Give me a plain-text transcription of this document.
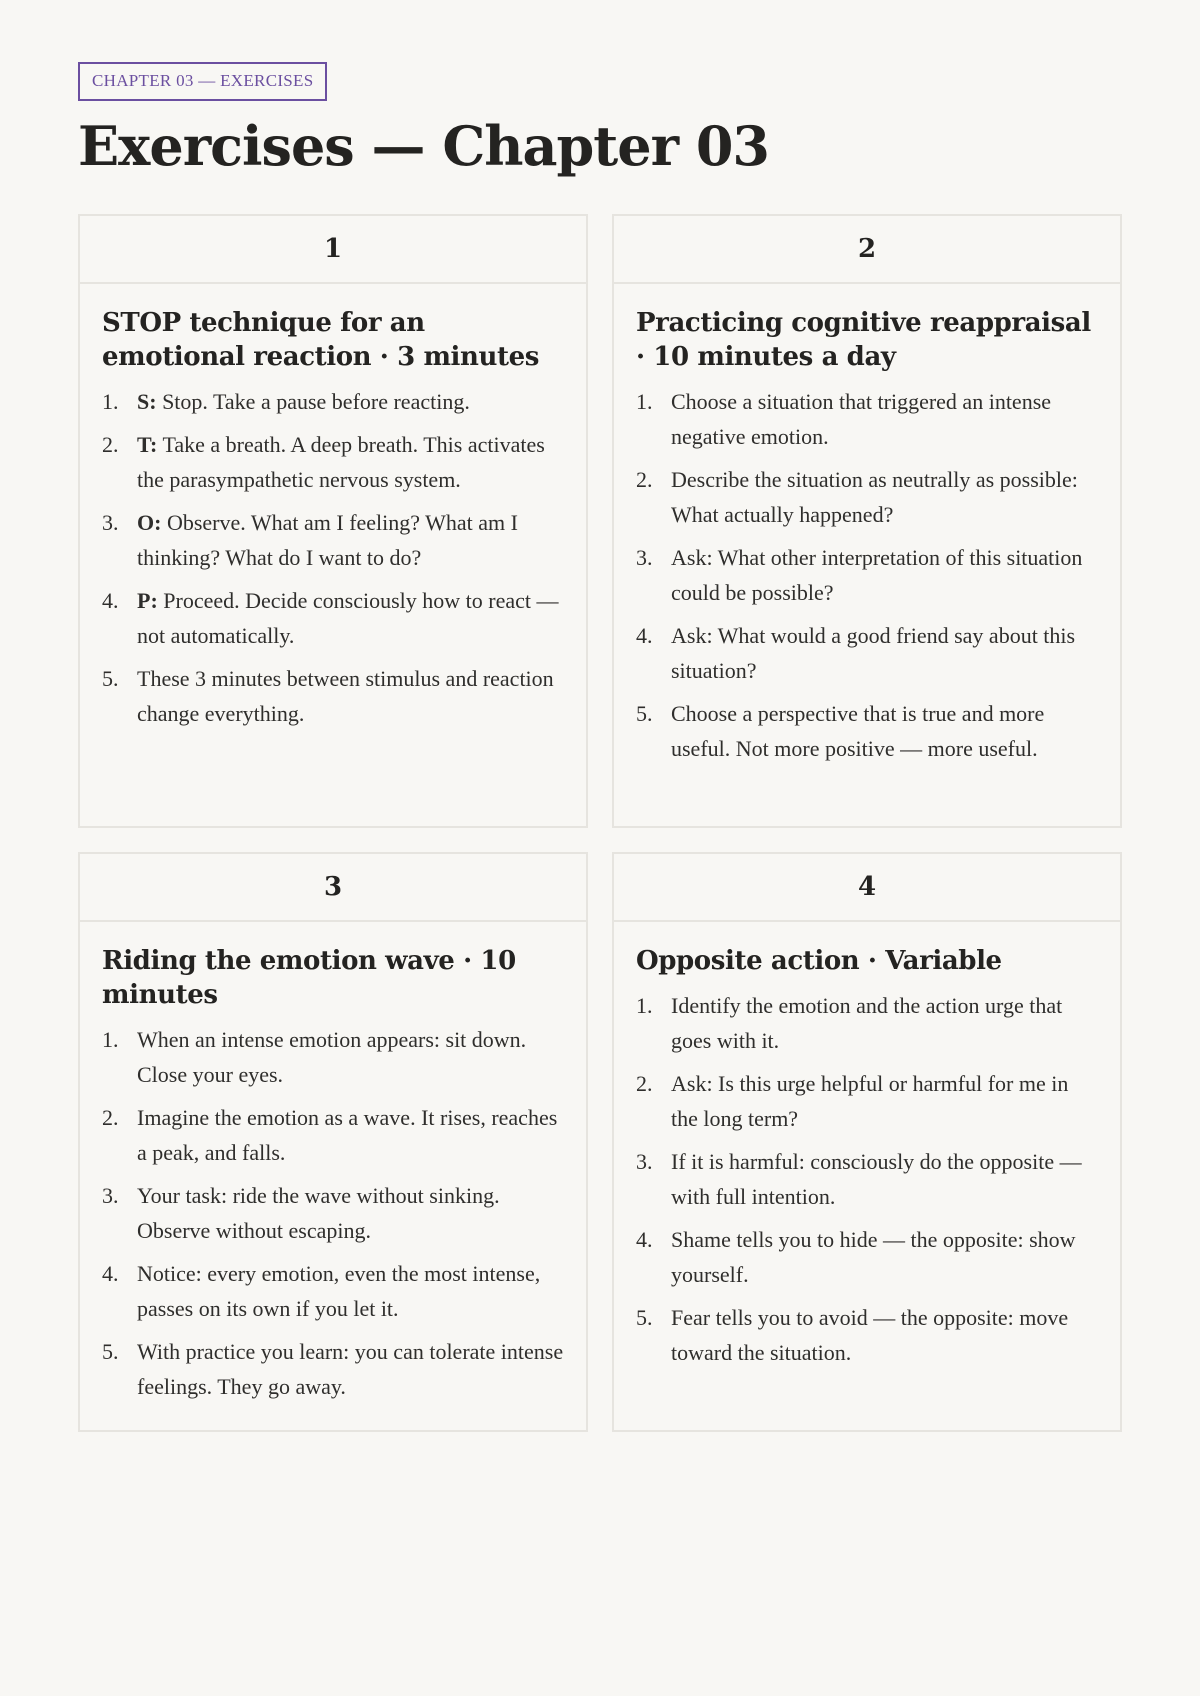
CHAPTER 03 — EXERCISES
Exercises — Chapter 03
1
STOP technique for an emotional reaction · 3 minutes
1. S: Stop. Take a pause before reacting.
2. T: Take a breath. A deep breath. This activates the parasympathetic nervous system.
3. O: Observe. What am I feeling? What am I thinking? What do I want to do?
4. P: Proceed. Decide consciously how to react — not automatically.
5. These 3 minutes between stimulus and reaction change everything.
2
Practicing cognitive reappraisal · 10 minutes a day
1. Choose a situation that triggered an intense negative emotion.
2. Describe the situation as neutrally as possible: What actually happened?
3. Ask: What other interpretation of this situation could be possible?
4. Ask: What would a good friend say about this situation?
5. Choose a perspective that is true and more useful. Not more positive — more useful.
3
Riding the emotion wave · 10 minutes
1. When an intense emotion appears: sit down. Close your eyes.
2. Imagine the emotion as a wave. It rises, reaches a peak, and falls.
3. Your task: ride the wave without sinking. Observe without escaping.
4. Notice: every emotion, even the most intense, passes on its own if you let it.
5. With practice you learn: you can tolerate intense feelings. They go away.
4
Opposite action · Variable
1. Identify the emotion and the action urge that goes with it.
2. Ask: Is this urge helpful or harmful for me in the long term?
3. If it is harmful: consciously do the opposite — with full intention.
4. Shame tells you to hide — the opposite: show yourself.
5. Fear tells you to avoid — the opposite: move toward the situation.
